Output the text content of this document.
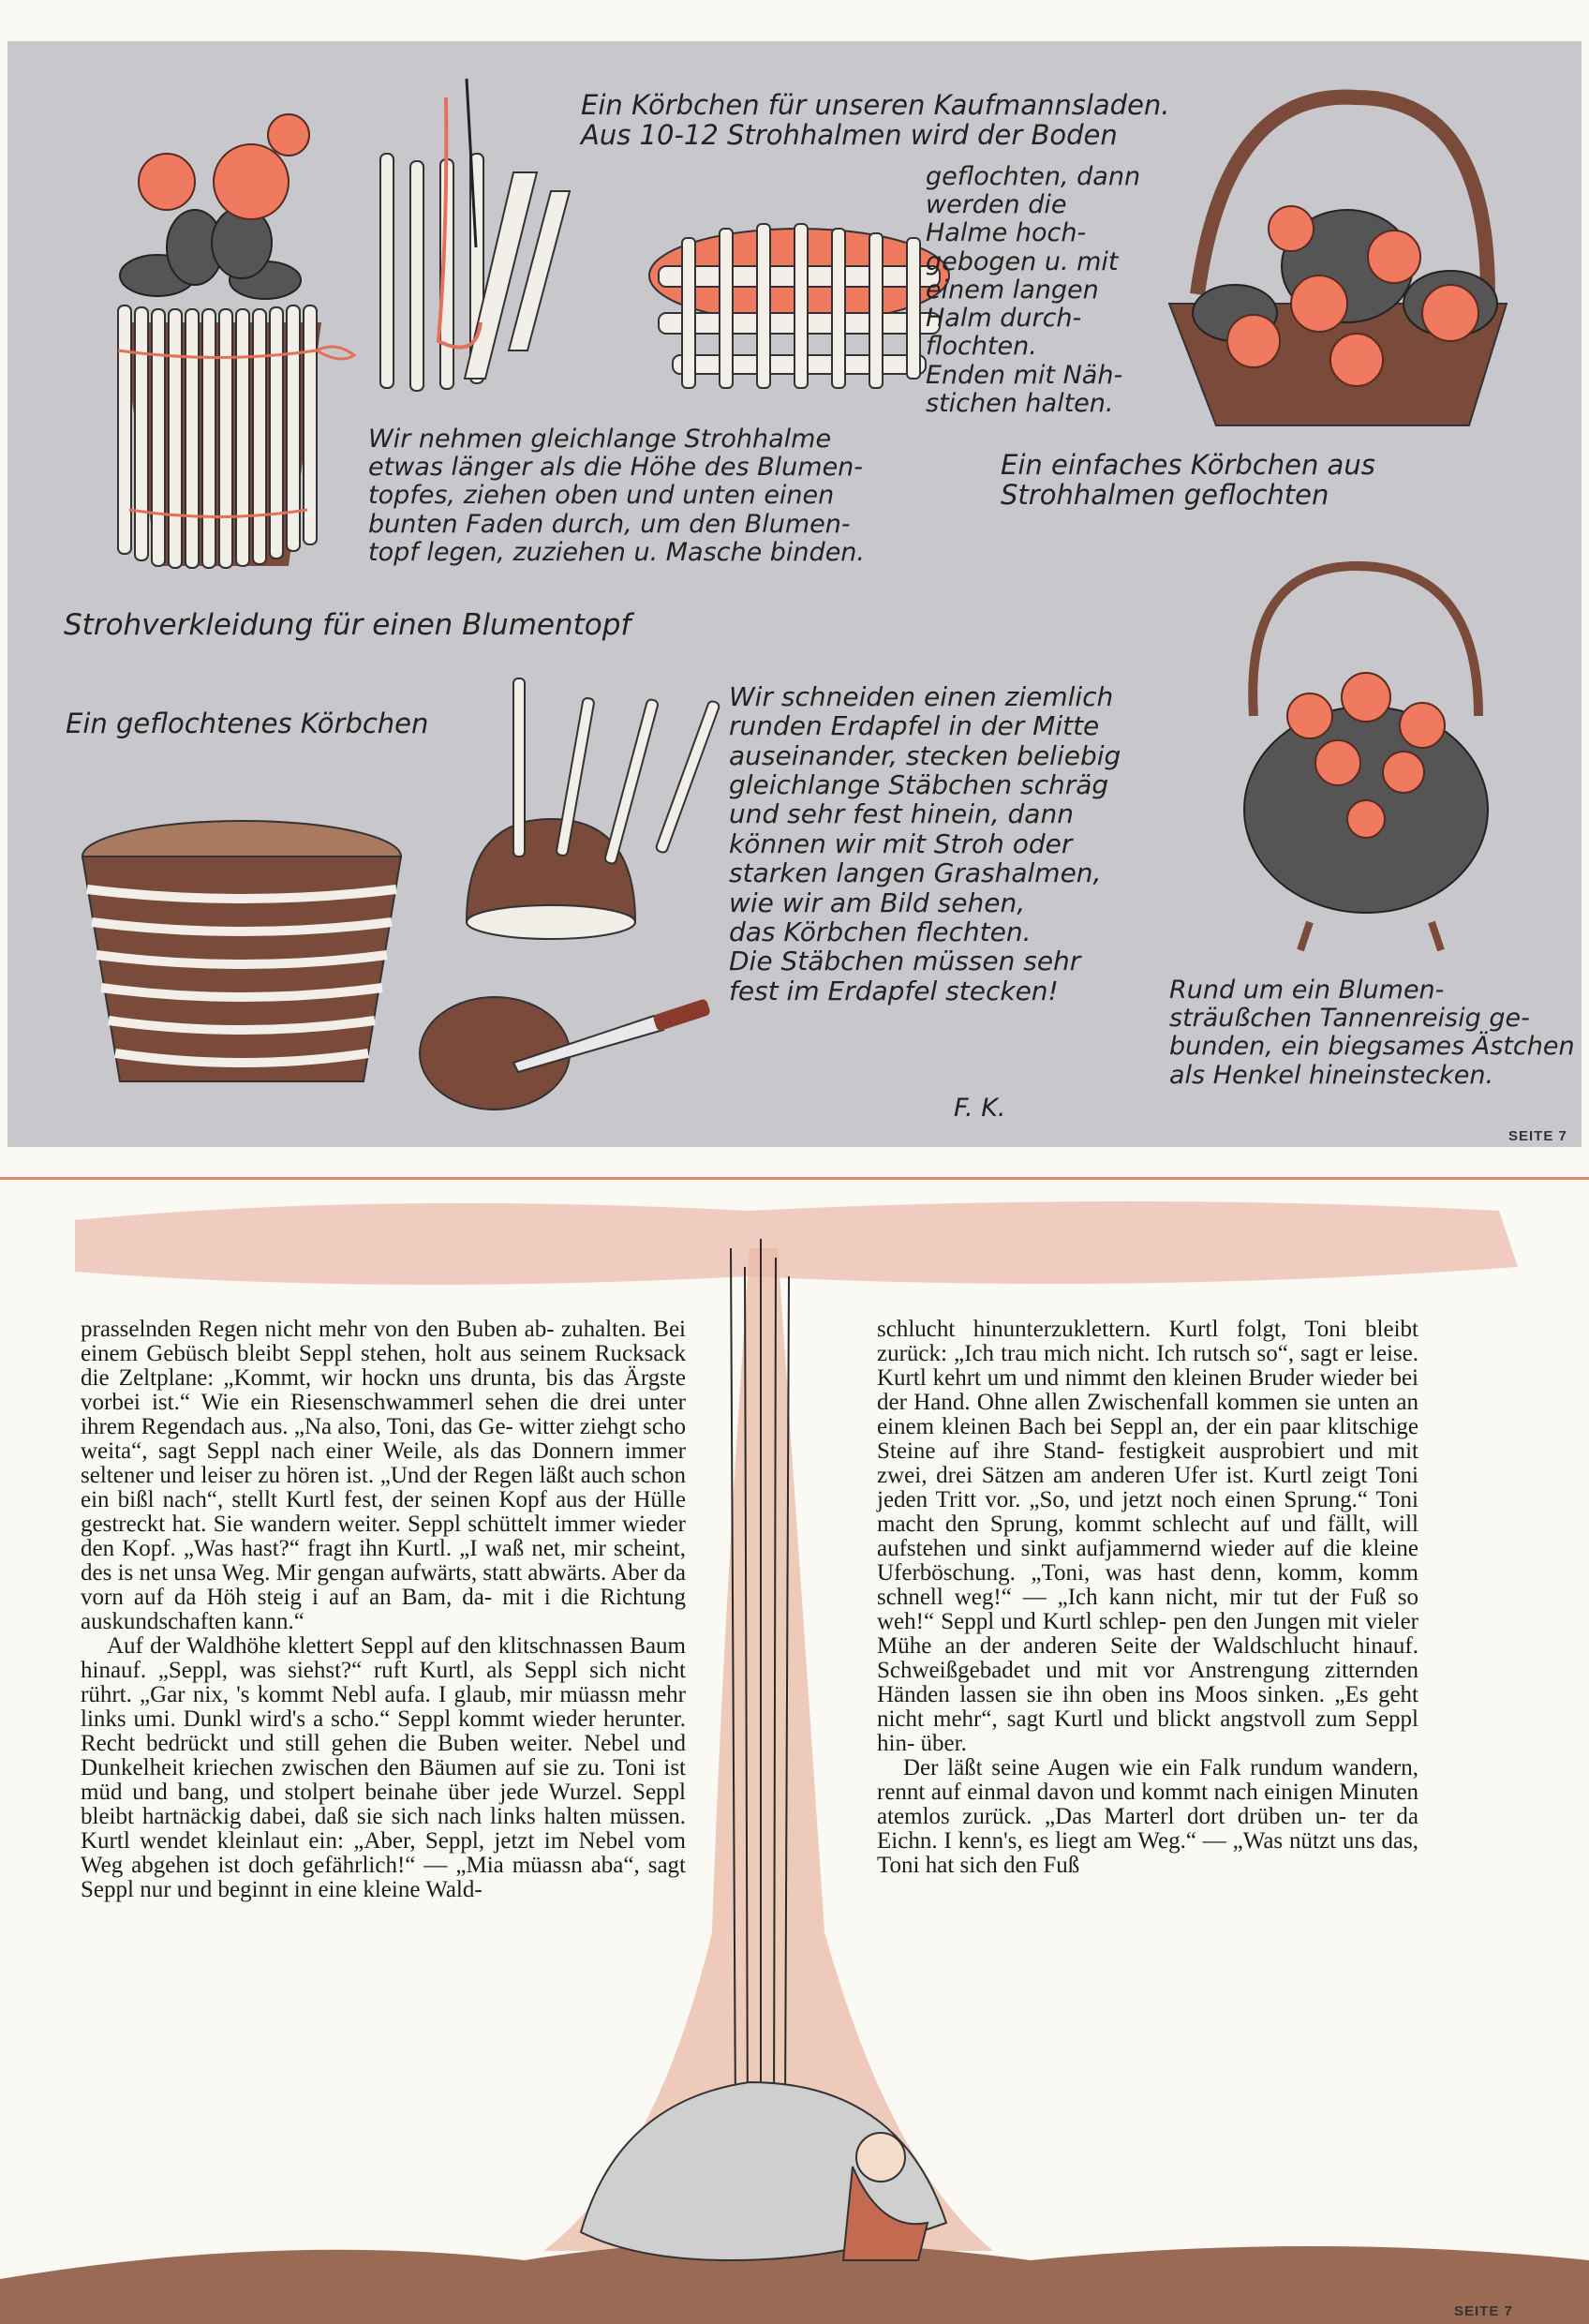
Ein Körbchen für unseren Kaufmannsladen.
Aus 10-12 Strohhalmen wird der Boden
geflochten, dann
werden die
Halme hoch-
gebogen u. mit
einem langen
Halm durch-
flochten.
Enden mit Näh-
stichen halten.
Wir nehmen gleichlange Strohhalme
etwas länger als die Höhe des Blumen-
topfes, ziehen oben und unten einen
bunten Faden durch, um den Blumen-
topf legen, zuziehen u. Masche binden.
Strohverkleidung für einen Blumentopf
Ein einfaches Körbchen aus
Strohhalmen geflochten
Ein geflochtenes Körbchen
Wir schneiden einen ziemlich
runden Erdapfel in der Mitte
auseinander, stecken beliebig
gleichlange Stäbchen schräg
und sehr fest hinein, dann
können wir mit Stroh oder
starken langen Grashalmen,
wie wir am Bild sehen,
das Körbchen flechten.
Die Stäbchen müssen sehr
fest im Erdapfel stecken!	Rund um ein Blumen-
sträußchen Tannenreisig ge-
bunden, ein biegsames Ästchen
als Henkel hineinstecken.
F. K.
SEITE 7

prasselnden Regen nicht mehr von den Buben ab- zuhalten. Bei einem Gebüsch bleibt Seppl stehen, holt aus seinem Rucksack die Zeltplane: „Kommt, wir hockn uns drunta, bis das Ärgste vorbei ist.“ Wie ein Riesenschwammerl sehen die drei unter ihrem Regendach aus. „Na also, Toni, das Ge- witter ziehgt scho weita“, sagt Seppl nach einer Weile, als das Donnern immer seltener und leiser zu hören ist. „Und der Regen läßt auch schon ein bißl nach“, stellt Kurtl fest, der seinen Kopf aus der Hülle gestreckt hat. Sie wandern weiter. Seppl schüttelt immer wieder den Kopf. „Was hast?“ fragt ihn Kurtl. „I waß net, mir scheint, des is net unsa Weg. Mir gengan aufwärts, statt abwärts. Aber da vorn auf da Höh steig i auf an Bam, da- mit i die Richtung auskundschaften kann.“

Auf der Waldhöhe klettert Seppl auf den klitschnassen Baum hinauf. „Seppl, was siehst?“ ruft Kurtl, als Seppl sich nicht rührt. „Gar nix, 's kommt Nebl aufa. I glaub, mir müassn mehr links umi. Dunkl wird's a scho.“ Seppl kommt wieder herunter. Recht bedrückt und still gehen die Buben weiter. Nebel und Dunkelheit kriechen zwischen den Bäumen auf sie zu. Toni ist müd und bang, und stolpert beinahe über jede Wurzel. Seppl bleibt hartnäckig dabei, daß sie sich nach links halten müssen. Kurtl wendet kleinlaut ein: „Aber, Seppl, jetzt im Nebel vom Weg abgehen ist doch gefährlich!“ — „Mia müassn aba“, sagt Seppl nur und beginnt in eine kleine Wald-

schlucht hinunterzuklettern. Kurtl folgt, Toni bleibt zurück: „Ich trau mich nicht. Ich rutsch so“, sagt er leise. Kurtl kehrt um und nimmt den kleinen Bruder wieder bei der Hand. Ohne allen Zwischenfall kommen sie unten an einem kleinen Bach bei Seppl an, der ein paar klitschige Steine auf ihre Stand- festigkeit ausprobiert und mit zwei, drei Sätzen am anderen Ufer ist. Kurtl zeigt Toni jeden Tritt vor. „So, und jetzt noch einen Sprung.“ Toni macht den Sprung, kommt schlecht auf und fällt, will aufstehen und sinkt aufjammernd wieder auf die kleine Uferböschung. „Toni, was hast denn, komm, komm schnell weg!“ — „Ich kann nicht, mir tut der Fuß so weh!“ Seppl und Kurtl schlep- pen den Jungen mit vieler Mühe an der anderen Seite der Waldschlucht hinauf. Schweißgebadet und mit vor Anstrengung zitternden Händen lassen sie ihn oben ins Moos sinken. „Es geht nicht mehr“, sagt Kurtl und blickt angstvoll zum Seppl hin- über.

Der läßt seine Augen wie ein Falk rundum wandern, rennt auf einmal davon und kommt nach einigen Minuten atemlos zurück. „Das Marterl dort drüben un- ter da Eichn. I kenn's, es liegt am Weg.“ — „Was nützt uns das, Toni hat sich den Fuß

SEITE 7
